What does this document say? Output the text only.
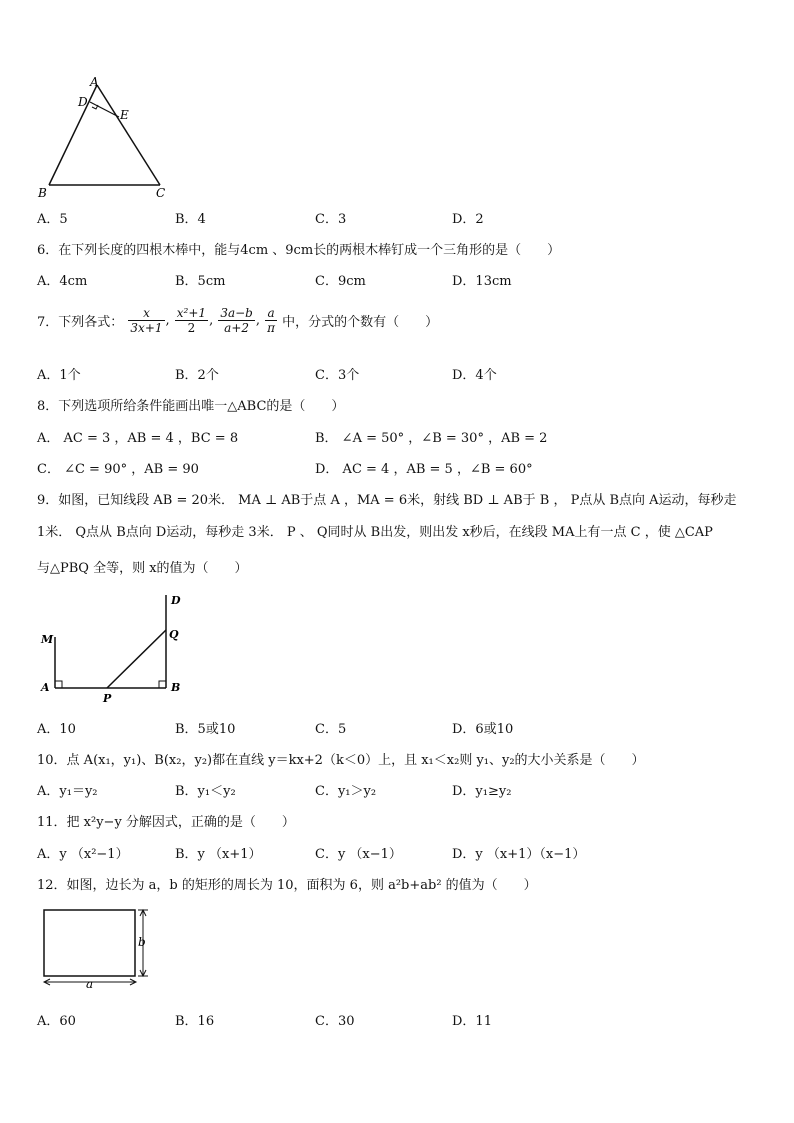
A
D
E
B	C
A．5	B．4	C．3	D．2
6．在下列长度的四根木棒中，能与4cm 、9cm长的两根木棒钉成一个三角形的是（　　）
A．4cm	B．5cm	C．9cm	D．13cm
7．下列各式： $\frac{x}{3x+1}$ , $\frac{\text{x²+1}}{2}$ , $\frac{3a-b}{a+2}$ , $\frac{a}{\pi}$ 中，分式的个数有（　　）
A．1个	B．2个	C．3个	D．4个
8．下列选项所给条件能画出唯一△ABC的是（　　）
A． AC = 3 ，AB = 4 ，BC = 8	B． ∠A = 50° ，∠B = 30° ，AB = 2
C． ∠C = 90° ，AB = 90	D． AC = 4 ，AB = 5 ，∠B = 60°
9．如图，已知线段 AB = 20米． MA ⊥ AB于点 A ，MA = 6米，射线 BD ⊥ AB于 B ， P点从 B点向 A运动，每秒走
1米． Q点从 B点向 D运动，每秒走 3米． P 、 Q同时从 B出发，则出发 x秒后，在线段 MA上有一点 C ，使 △CAP
与△PBQ 全等，则 x的值为（　　）
M
A
P
B
Q
D
A．10	B．5或10	C．5	D．6或10
10．点 A(x₁，y₁)、B(x₂，y₂)都在直线 y＝kx+2（k＜0）上，且 x₁＜x₂则 y₁、y₂的大小关系是（　　）
A．y₁＝y₂	B．y₁＜y₂	C．y₁＞y₂	D．y₁≥y₂
11．把 x²y−y 分解因式，正确的是（　　）
A．y （x²−1）	B．y （x+1）	C．y （x−1）	D．y （x+1）（x−1）
12．如图，边长为 a，b 的矩形的周长为 10，面积为 6，则 a²b+ab² 的值为（　　）
b
a
A．60	B．16	C．30	D．11
